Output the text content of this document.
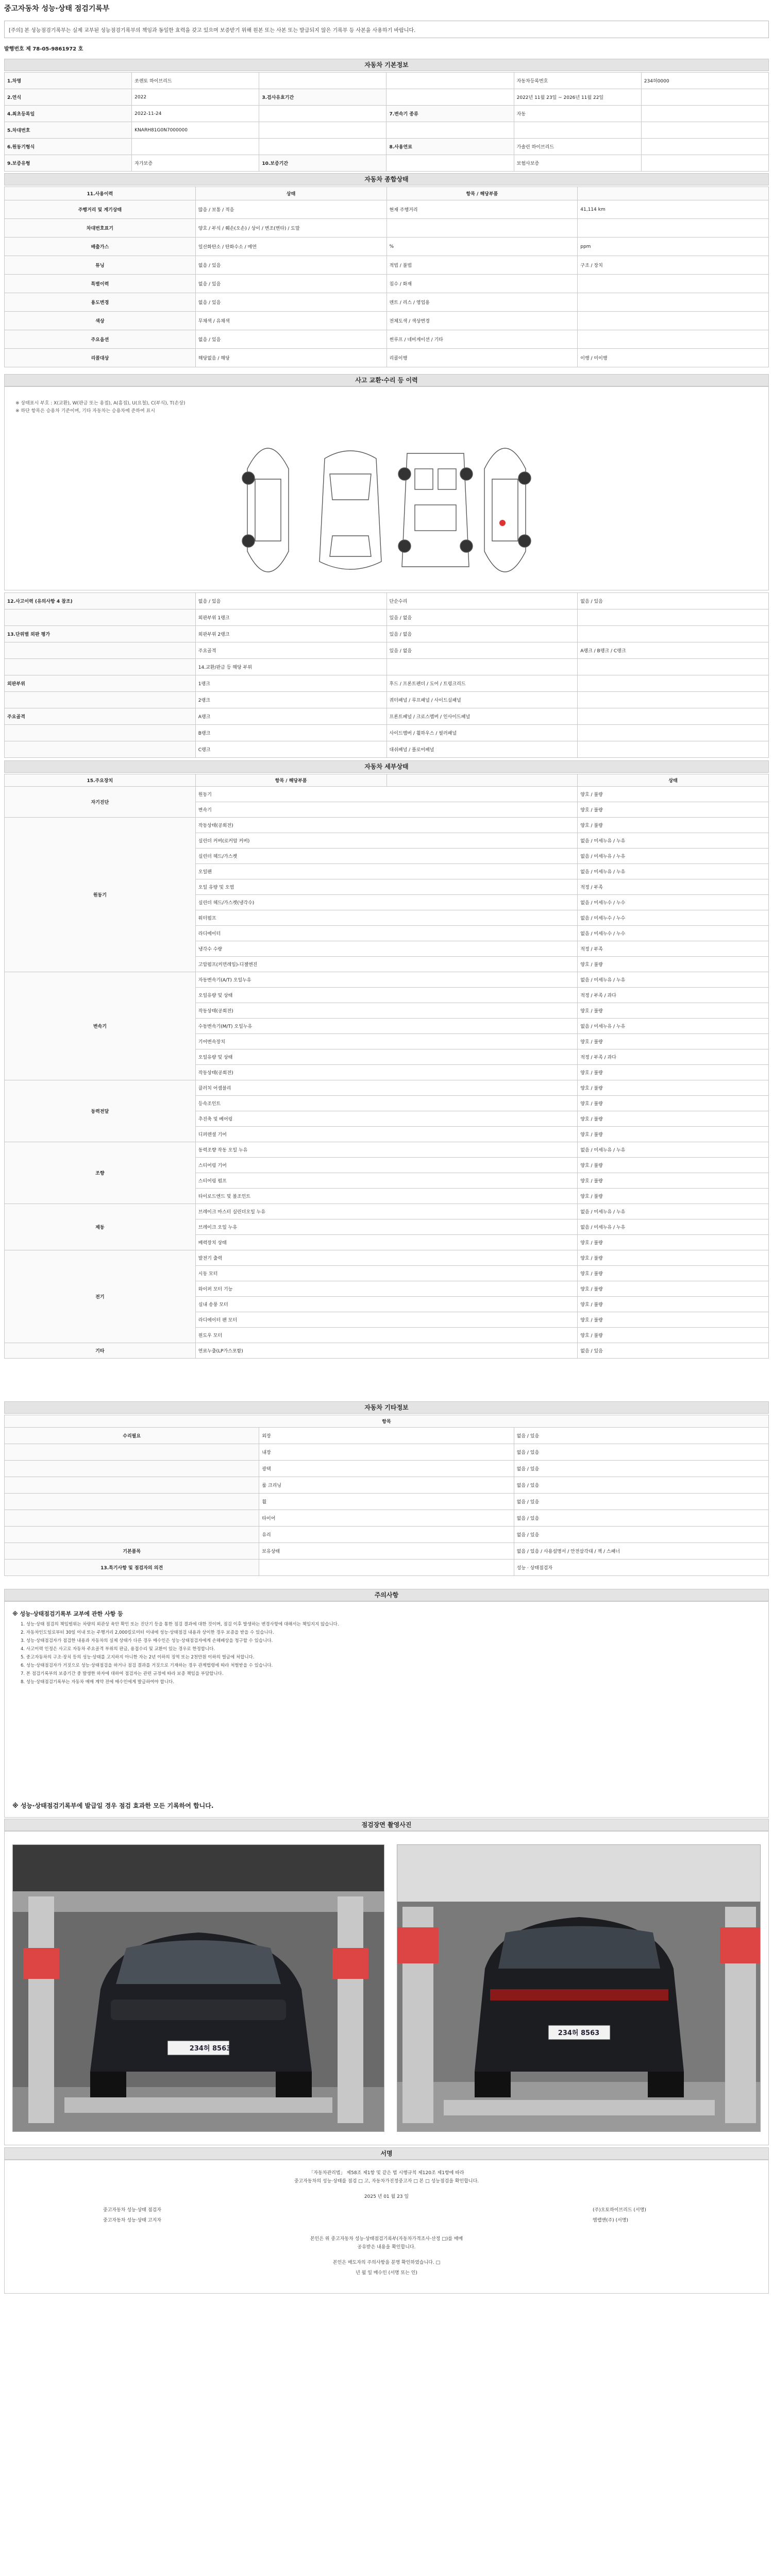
중고자동차 성능·상태 점검기록부
[주의] 본 성능점검기록부는 실제 교부된 성능점검기록부의 책임과 동일한 효력을 갖고 있으며 보증받기 위해 원본 또는 사본 또는 발급되지 않은 기록부 등 사본을 사용하기 바랍니다.
발행번호 제 78-05-9861972 호
자동차 기본정보
1.차명	쏘렌토 하이브리드			자동차등록번호	234허0000
2.연식	2022	3.검사유효기간		2022년 11월 23일 ~ 2026년 11월 22일	
4.최초등록일	2022-11-24		7.변속기 종류	자동	
5.차대번호	KNARH81G0N7000000				
6.원동기형식			8.사용연료	가솔린 하이브리드	
9.보증유형	자가보증	10.보증기간		보험사보증	
자동차 종합상태
11.사용이력	상태	항목 / 해당부품	
주행거리 및 계기상태	많음 / 보통 / 적음	현재 주행거리	41,114 km
차대번호표기	양호 / 부식 / 훼손(오손) / 상이 / 변조(변타) / 도말		
배출가스	일산화탄소 / 탄화수소 / 매연	%	ppm
튜닝	없음 / 있음	적법 / 불법	구조 / 장치
특별이력	없음 / 있음	침수 / 화재	
용도변경	없음 / 있음	렌트 / 리스 / 영업용	
색상	무채색 / 유채색	전체도색 / 색상변경	
주요옵션	없음 / 있음	썬루프 / 네비게이션 / 기타	
리콜대상	해당없음 / 해당	리콜이행	이행 / 미이행
사고 교환·수리 등 이력
※ 상태표시 부호 : X(교환), W(판금 또는 용접), A(흠집), U(요철), C(부식), T(손상)
※ 하단 항목은 승용차 기준이며, 기타 자동차는 승용차에 준하여 표시
12.사고이력 (유의사항 4 참조)	없음 / 있음	단순수리	없음 / 있음
	외판부위 1랭크	있음 / 없음	
13.단위별 외판 평가	외판부위 2랭크	있음 / 없음	
	주요골격	있음 / 없음	A랭크 / B랭크 / C랭크
	14.교환/판금 등 해당 부위		
외판부위	1랭크	후드 / 프론트펜더 / 도어 / 트렁크리드	
	2랭크	쿼터패널 / 루프패널 / 사이드실패널	
주요골격	A랭크	프론트패널 / 크로스멤버 / 인사이드패널	
	B랭크	사이드멤버 / 휠하우스 / 필러패널	
	C랭크	대쉬패널 / 플로어패널	
자동차 세부상태
15.주요장치	항목 / 해당부품		상태
자기진단	원동기		양호 / 불량
	변속기		양호 / 불량
원동기	작동상태(공회전)		양호 / 불량
	실린더 커버(로커암 커버)		없음 / 미세누유 / 누유
	실린더 헤드/가스켓		없음 / 미세누유 / 누유
	오일팬		없음 / 미세누유 / 누유
	오일 유량 및 오염		적정 / 부족
	실린더 헤드/가스켓(냉각수)		없음 / 미세누수 / 누수
	워터펌프		없음 / 미세누수 / 누수
	라디에이터		없음 / 미세누수 / 누수
	냉각수 수량		적정 / 부족
	고압펌프(커먼레일)-디젤엔진		양호 / 불량
변속기	자동변속기(A/T) 오일누유		없음 / 미세누유 / 누유
	오일유량 및 상태		적정 / 부족 / 과다
	작동상태(공회전)		양호 / 불량
	수동변속기(M/T) 오일누유		없음 / 미세누유 / 누유
	기어변속장치		양호 / 불량
	오일유량 및 상태		적정 / 부족 / 과다
	작동상태(공회전)		양호 / 불량
동력전달	클러치 어셈블리		양호 / 불량
	등속조인트		양호 / 불량
	추진축 및 베어링		양호 / 불량
	디퍼렌셜 기어		양호 / 불량
조향	동력조향 작동 오일 누유		없음 / 미세누유 / 누유
	스티어링 기어		양호 / 불량
	스티어링 펌프		양호 / 불량
	타이로드엔드 및 볼조인트		양호 / 불량
제동	브레이크 마스터 실린더오일 누유		없음 / 미세누유 / 누유
	브레이크 오일 누유		없음 / 미세누유 / 누유
	배력장치 상태		양호 / 불량
전기	발전기 출력		양호 / 불량
	시동 모터		양호 / 불량
	와이퍼 모터 기능		양호 / 불량
	실내 송풍 모터		양호 / 불량
	라디에이터 팬 모터		양호 / 불량
	윈도우 모터		양호 / 불량
기타	연료누출(LP가스포함)		없음 / 있음
자동차 기타정보
항목		
수리필요	외장	없음 / 있음
	내장	없음 / 있음
	광택	없음 / 있음
	룸 크리닝	없음 / 있음
	휠	없음 / 있음
	타이어	없음 / 있음
	유리	없음 / 있음
기본품목	보유상태	없음 / 있음 / 사용설명서 / 안전삼각대 / 잭 / 스패너
13.특기사항 및 점검자의 의견		성능 · 상태점검자
주의사항
※ 성능·상태점검기록부 교부에 관한 사항 등

1. 성능·상태 점검의 책임범위는 차량의 외관상 육안 확인 또는 진단기 등을 통한 점검 결과에 대한 것이며, 점검 이후 발생하는 변경사항에 대해서는 책임지지 않습니다.

2. 자동차인도일로부터 30일 이내 또는 주행거리 2,000킬로미터 이내에 성능·상태점검 내용과 상이한 경우 보증을 받을 수 있습니다.

3. 성능·상태점검자가 점검한 내용과 자동차의 실제 상태가 다른 경우 매수인은 성능·상태점검자에게 손해배상을 청구할 수 있습니다.

4. 사고이력 인정은 사고로 자동차 주요골격 부위의 판금, 용접수리 및 교환이 있는 경우로 한정합니다.

5. 중고자동차의 구조·장치 등의 성능·상태를 고지하지 아니한 자는 2년 이하의 징역 또는 2천만원 이하의 벌금에 처합니다.

6. 성능·상태점검자가 거짓으로 성능·상태점검을 하거나 점검 결과를 거짓으로 기재하는 경우 관계법령에 따라 처벌받을 수 있습니다.

7. 본 점검기록부의 보증기간 중 발생한 하자에 대하여 점검자는 관련 규정에 따라 보증 책임을 부담합니다.

8. 성능·상태점검기록부는 자동차 매매 계약 전에 매수인에게 발급하여야 합니다.

※ 성능·상태점검기록부에 발급일 경우 점검 효과한 모든 기록하여 합니다.
점검장면 촬영사진
234허 8563
234허 8563
서명
「자동차관리법」 제58조 제1항 및 같은 법 시행규칙 제120조 제1항에 따라
중고자동차의 성능·상태를 점검 □ 고, 자동차가진정중고자 □ 본 □ 성능점검을 확인합니다.
2025 년 01 월 23 일
중고자동차 성능·상태 점검자
중고자동차 성능·상태 고지자
(주)오토하이브리드 (서명)
엠랩앤(주) (서명)
본인은 위 중고자동차 성능·상태점검기록부(자동차가격조사·산정 □)를 매매
공유받은 내용을 확인합니다.
본인은 매도자의 주의사항을 분명 확인하였습니다. □
년 월 일 매수인 (서명 또는 인)
